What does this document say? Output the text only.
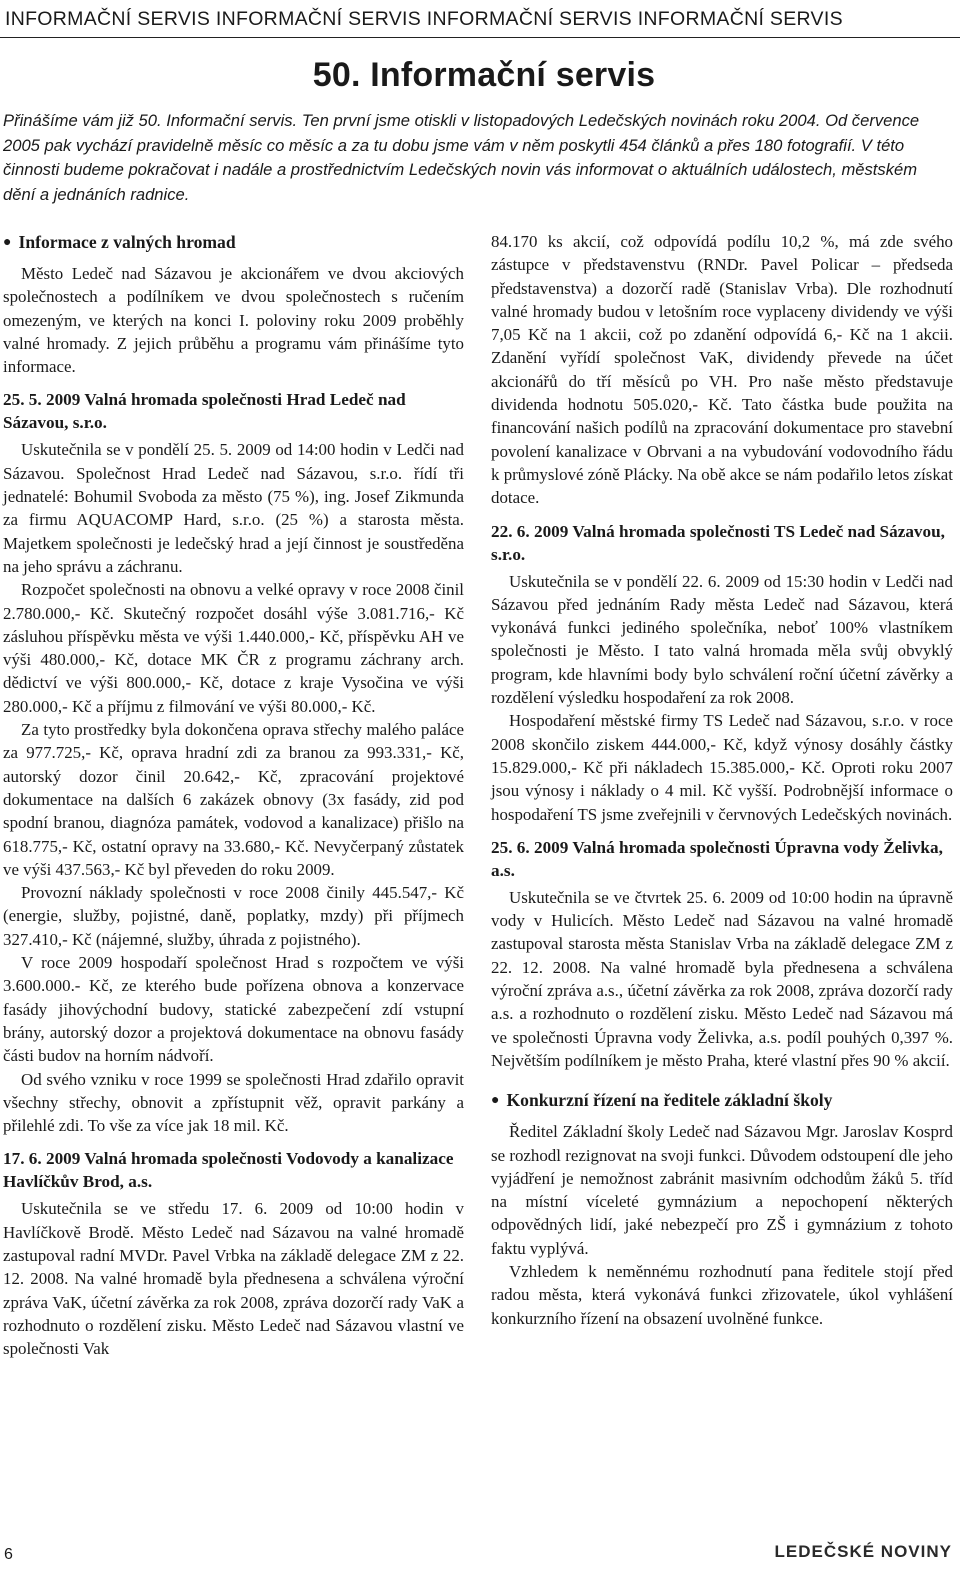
INFORMAČNÍ SERVIS INFORMAČNÍ SERVIS INFORMAČNÍ SERVIS INFORMAČNÍ SERVIS
50. Informační servis
Přinášíme vám již 50. Informační servis. Ten první jsme otiskli v listopadových Ledečských novinách roku 2004. Od července 2005 pak vychází pravidelně měsíc co měsíc a za tu dobu jsme vám v něm poskytli 454 článků a přes 180 fotografií. V této činnosti budeme pokračovat i nadále a prostřednictvím Ledečských novin vás informovat o aktuálních událostech, městském dění a jednáních radnice.
● Informace z valných hromad

Město Ledeč nad Sázavou je akcionářem ve dvou akciových společnostech a podílníkem ve dvou společnostech s ručením omezeným, ve kterých na konci I. poloviny roku 2009 proběhly valné hromady. Z jejich průběhu a programu vám přinášíme tyto informace.

25. 5. 2009 Valná hromada společnosti Hrad Ledeč nad Sázavou, s.r.o.

Uskutečnila se v pondělí 25. 5. 2009 od 14:00 hodin v Ledči nad Sázavou. Společnost Hrad Ledeč nad Sázavou, s.r.o. řídí tři jednatelé: Bohumil Svoboda za město (75 %), ing. Josef Zikmunda za firmu AQUACOMP Hard, s.r.o. (25 %) a starosta města. Majetkem společnosti je ledečský hrad a její činnost je soustředěna na jeho správu a záchranu.

Rozpočet společnosti na obnovu a velké opravy v roce 2008 činil 2.780.000,- Kč. Skutečný rozpočet dosáhl výše 3.081.716,- Kč zásluhou příspěvku města ve výši 1.440.000,- Kč, příspěvku AH ve výši 480.000,- Kč, dotace MK ČR z programu záchrany arch. dědictví ve výši 800.000,- Kč, dotace z kraje Vysočina ve výši 280.000,- Kč a příjmu z filmování ve výši 80.000,- Kč.

Za tyto prostředky byla dokončena oprava střechy malého paláce za 977.725,- Kč, oprava hradní zdi za branou za 993.331,- Kč, autorský dozor činil 20.642,- Kč, zpracování projektové dokumentace na dalších 6 zakázek obnovy (3x fasády, zid pod spodní branou, diagnóza památek, vodovod a kanalizace) přišlo na 618.775,- Kč, ostatní opravy na 33.680,- Kč. Nevyčerpaný zůstatek ve výši 437.563,- Kč byl převeden do roku 2009.

Provozní náklady společnosti v roce 2008 činily 445.547,- Kč (energie, služby, pojistné, daně, poplatky, mzdy) při příjmech 327.410,- Kč (nájemné, služby, úhrada z pojistného).

V roce 2009 hospodaří společnost Hrad s rozpočtem ve výši 3.600.000.- Kč, ze kterého bude pořízena obnova a konzervace fasády jihovýchodní budovy, statické zabezpečení zdí vstupní brány, autorský dozor a projektová dokumentace na obnovu fasády části budov na horním nádvoří.

Od svého vzniku v roce 1999 se společnosti Hrad zdařilo opravit všechny střechy, obnovit a zpřístupnit věž, opravit parkány a přilehlé zdi. To vše za více jak 18 mil. Kč.

17. 6. 2009 Valná hromada společnosti Vodovody a kanalizace Havlíčkův Brod, a.s.

Uskutečnila se ve středu 17. 6. 2009 od 10:00 hodin v Havlíčkově Brodě. Město Ledeč nad Sázavou na valné hromadě zastupoval radní MVDr. Pavel Vrbka na základě delegace ZM z 22. 12. 2008. Na valné hromadě byla přednesena a schválena výroční zpráva VaK, účetní závěrka za rok 2008, zpráva dozorčí rady VaK a rozhodnuto o rozdělení zisku. Město Ledeč nad Sázavou vlastní ve společnosti Vak

84.170 ks akcií, což odpovídá podílu 10,2 %, má zde svého zástupce v představenstvu (RNDr. Pavel Policar – předseda představenstva) a dozorčí radě (Stanislav Vrba). Dle rozhodnutí valné hromady budou v letošním roce vyplaceny dividendy ve výši 7,05 Kč na 1 akcii, což po zdanění odpovídá 6,- Kč na 1 akcii. Zdanění vyřídí společnost VaK, dividendy převede na účet akcionářů do tří měsíců po VH. Pro naše město představuje dividenda hodnotu 505.020,- Kč. Tato částka bude použita na financování našich podílů na zpracování dokumentace pro stavební povolení kanalizace v Obrvani a na vybudování vodovodního řádu k průmyslové zóně Plácky. Na obě akce se nám podařilo letos získat dotace.

22. 6. 2009 Valná hromada společnosti TS Ledeč nad Sázavou, s.r.o.

Uskutečnila se v pondělí 22. 6. 2009 od 15:30 hodin v Ledči nad Sázavou před jednáním Rady města Ledeč nad Sázavou, která vykonává funkci jediného společníka, neboť 100% vlastníkem společnosti je Město. I tato valná hromada měla svůj obvyklý program, kde hlavními body bylo schválení roční účetní závěrky a rozdělení výsledku hospodaření za rok 2008.

Hospodaření městské firmy TS Ledeč nad Sázavou, s.r.o. v roce 2008 skončilo ziskem 444.000,- Kč, když výnosy dosáhly částky 15.829.000,- Kč při nákladech 15.385.000,- Kč. Oproti roku 2007 jsou výnosy i náklady o 4 mil. Kč vyšší. Podrobnější informace o hospodaření TS jsme zveřejnili v červnových Ledečských novinách.

25. 6. 2009 Valná hromada společnosti Úpravna vody Želivka, a.s.

Uskutečnila se ve čtvrtek 25. 6. 2009 od 10:00 hodin na úpravně vody v Hulicích. Město Ledeč nad Sázavou na valné hromadě zastupoval starosta města Stanislav Vrba na základě delegace ZM z 22. 12. 2008. Na valné hromadě byla přednesena a schválena výroční zpráva a.s., účetní závěrka za rok 2008, zpráva dozorčí rady a.s. a rozhodnuto o rozdělení zisku. Město Ledeč nad Sázavou má ve společnosti Úpravna vody Želivka, a.s. podíl pouhých 0,397 %. Největším podílníkem je město Praha, které vlastní přes 90 % akcií.

● Konkurzní řízení na ředitele základní školy

Ředitel Základní školy Ledeč nad Sázavou Mgr. Jaroslav Kosprd se rozhodl rezignovat na svoji funkci. Důvodem odstoupení dle jeho vyjádření je nemožnost zabránit masivním odchodům žáků 5. tříd na místní víceleté gymnázium a nepochopení některých odpovědných lidí, jaké nebezpečí pro ZŠ i gymnázium z tohoto faktu vyplývá.

Vzhledem k neměnnému rozhodnutí pana ředitele stojí před radou města, která vykonává funkci zřizovatele, úkol vyhlášení konkurzního řízení na obsazení uvolněné funkce.

6	LEDEČSKÉ NOVINY
